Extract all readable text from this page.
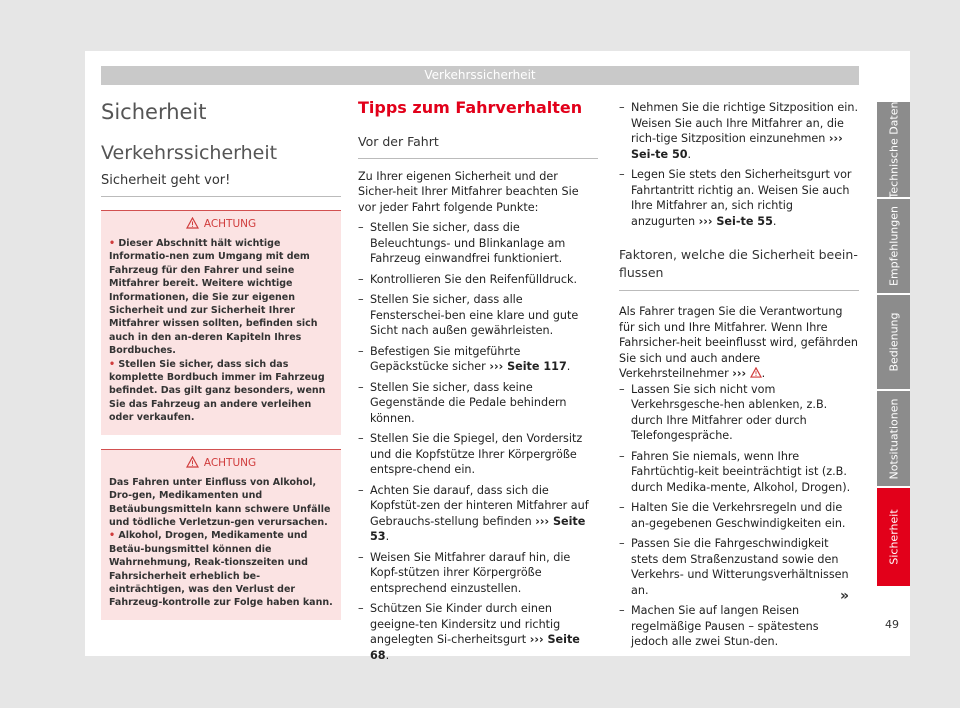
Verkehrssicherheit
Technische Daten
Empfehlungen
Bedienung
Notsituationen
Sicherheit
49
Sicherheit
Verkehrssicherheit
Sicherheit geht vor!
ACHTUNG

• Dieser Abschnitt hält wichtige Informatio-nen zum Umgang mit dem Fahrzeug für den Fahrer und seine Mitfahrer bereit. Weitere wichtige Informationen, die Sie zur eigenen Sicherheit und zur Sicherheit Ihrer Mitfahrer wissen sollten, befinden sich auch in den an-deren Kapiteln Ihres Bordbuches.

• Stellen Sie sicher, dass sich das komplette Bordbuch immer im Fahrzeug befindet. Das gilt ganz besonders, wenn Sie das Fahrzeug an andere verleihen oder verkaufen.

ACHTUNG

Das Fahren unter Einfluss von Alkohol, Dro-gen, Medikamenten und Betäubungsmitteln kann schwere Unfälle und tödliche Verletzun-gen verursachen.

• Alkohol, Drogen, Medikamente und Betäu-bungsmittel können die Wahrnehmung, Reak-tionszeiten und Fahrsicherheit erheblich be-einträchtigen, was den Verlust der Fahrzeug-kontrolle zur Folge haben kann.

Tipps zum Fahrverhalten
Vor der Fahrt

Zu Ihrer eigenen Sicherheit und der Sicher-heit Ihrer Mitfahrer beachten Sie vor jeder Fahrt folgende Punkte:

– Stellen Sie sicher, dass die Beleuchtungs- und Blinkanlage am Fahrzeug einwandfrei funktioniert.
– Kontrollieren Sie den Reifenfülldruck.
– Stellen Sie sicher, dass alle Fensterschei-ben eine klare und gute Sicht nach außen gewährleisten.
– Befestigen Sie mitgeführte Gepäckstücke sicher ››› Seite 117.
– Stellen Sie sicher, dass keine Gegenstände die Pedale behindern können.
– Stellen Sie die Spiegel, den Vordersitz und die Kopfstütze Ihrer Körpergröße entspre-chend ein.
– Achten Sie darauf, dass sich die Kopfstüt-zen der hinteren Mitfahrer auf Gebrauchs-stellung befinden ››› Seite 53.
– Weisen Sie Mitfahrer darauf hin, die Kopf-stützen ihrer Körpergröße entsprechend einzustellen.
– Schützen Sie Kinder durch einen geeigne-ten Kindersitz und richtig angelegten Si-cherheitsgurt ››› Seite 68.
– Nehmen Sie die richtige Sitzposition ein. Weisen Sie auch Ihre Mitfahrer an, die rich-tige Sitzposition einzunehmen ››› Sei-te 50.
– Legen Sie stets den Sicherheitsgurt vor Fahrtantritt richtig an. Weisen Sie auch Ihre Mitfahrer an, sich richtig anzugurten ››› Sei-te 55.
Faktoren, welche die Sicherheit beein-flussen

Als Fahrer tragen Sie die Verantwortung für sich und Ihre Mitfahrer. Wenn Ihre Fahrsicher-heit beeinflusst wird, gefährden Sie sich und auch andere Verkehrsteilnehmer ››› .

– Lassen Sie sich nicht vom Verkehrsgesche-hen ablenken, z.B. durch Ihre Mitfahrer oder durch Telefongespräche.
– Fahren Sie niemals, wenn Ihre Fahrtüchtig-keit beeinträchtigt ist (z.B. durch Medika-mente, Alkohol, Drogen).
– Halten Sie die Verkehrsregeln und die an-gegebenen Geschwindigkeiten ein.
– Passen Sie die Fahrgeschwindigkeit stets dem Straßenzustand sowie den Verkehrs- und Witterungsverhältnissen an.
– Machen Sie auf langen Reisen regelmäßige Pausen – spätestens jedoch alle zwei Stun-den.
»
